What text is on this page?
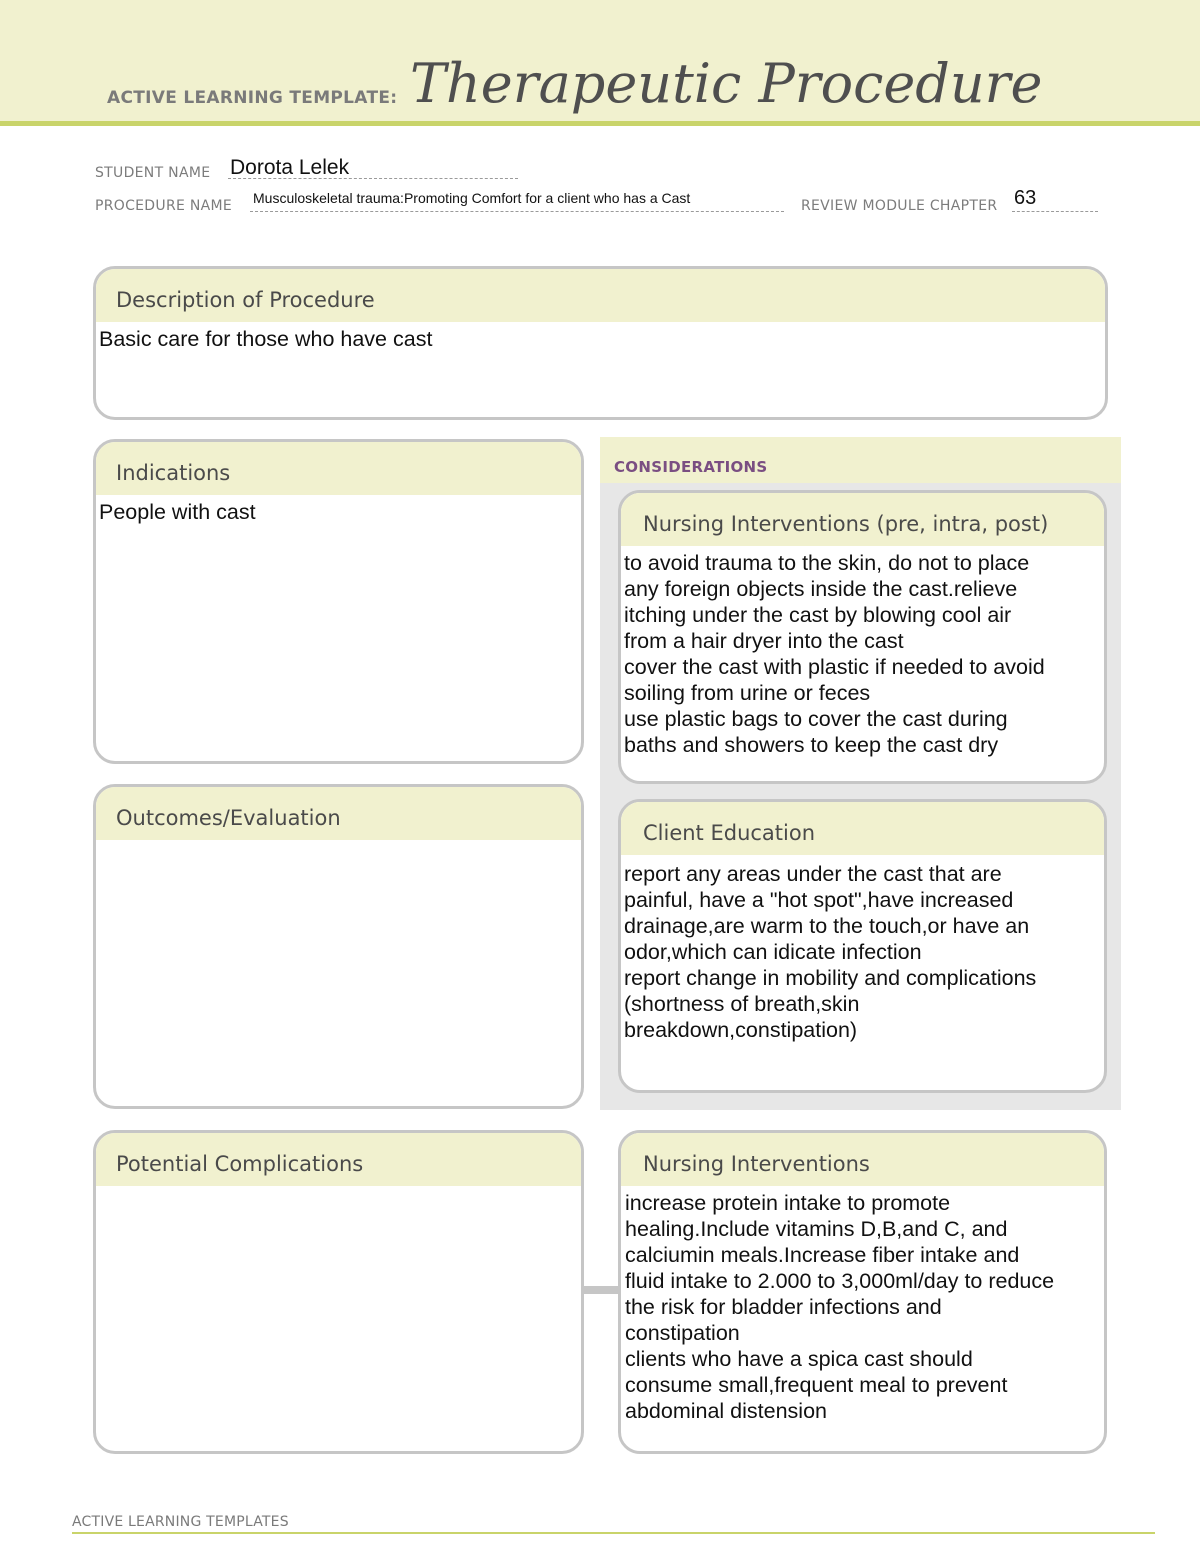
ACTIVE LEARNING TEMPLATE: Therapeutic Procedure
STUDENT NAME Dorota Lelek
PROCEDURE NAME Musculoskeletal trauma:Promoting Comfort for a client who has a Cast	REVIEW MODULE CHAPTER 63
Description of Procedure
Basic care for those who have cast
Indications
People with cast
Outcomes/Evaluation
CONSIDERATIONS
Nursing Interventions (pre, intra, post)
to avoid trauma to the skin, do not to place
any foreign objects inside the cast.relieve
itching under the cast by blowing cool air
from a hair dryer into the cast
cover the cast with plastic if needed to avoid
soiling from urine or feces
use plastic bags to cover the cast during
baths and showers to keep the cast dry
Client Education
report any areas under the cast that are
painful, have a "hot spot",have increased
drainage,are warm to the touch,or have an
odor,which can idicate infection
report change in mobility and complications
(shortness of breath,skin
breakdown,constipation)
Potential Complications	Nursing Interventions
increase protein intake to promote
healing.Include vitamins D,B,and C, and
calciumin meals.Increase fiber intake and
fluid intake to 2.000 to 3,000ml/day to reduce
the risk for bladder infections and
constipation
clients who have a spica cast should
consume small,frequent meal to prevent
abdominal distension
ACTIVE LEARNING TEMPLATES
